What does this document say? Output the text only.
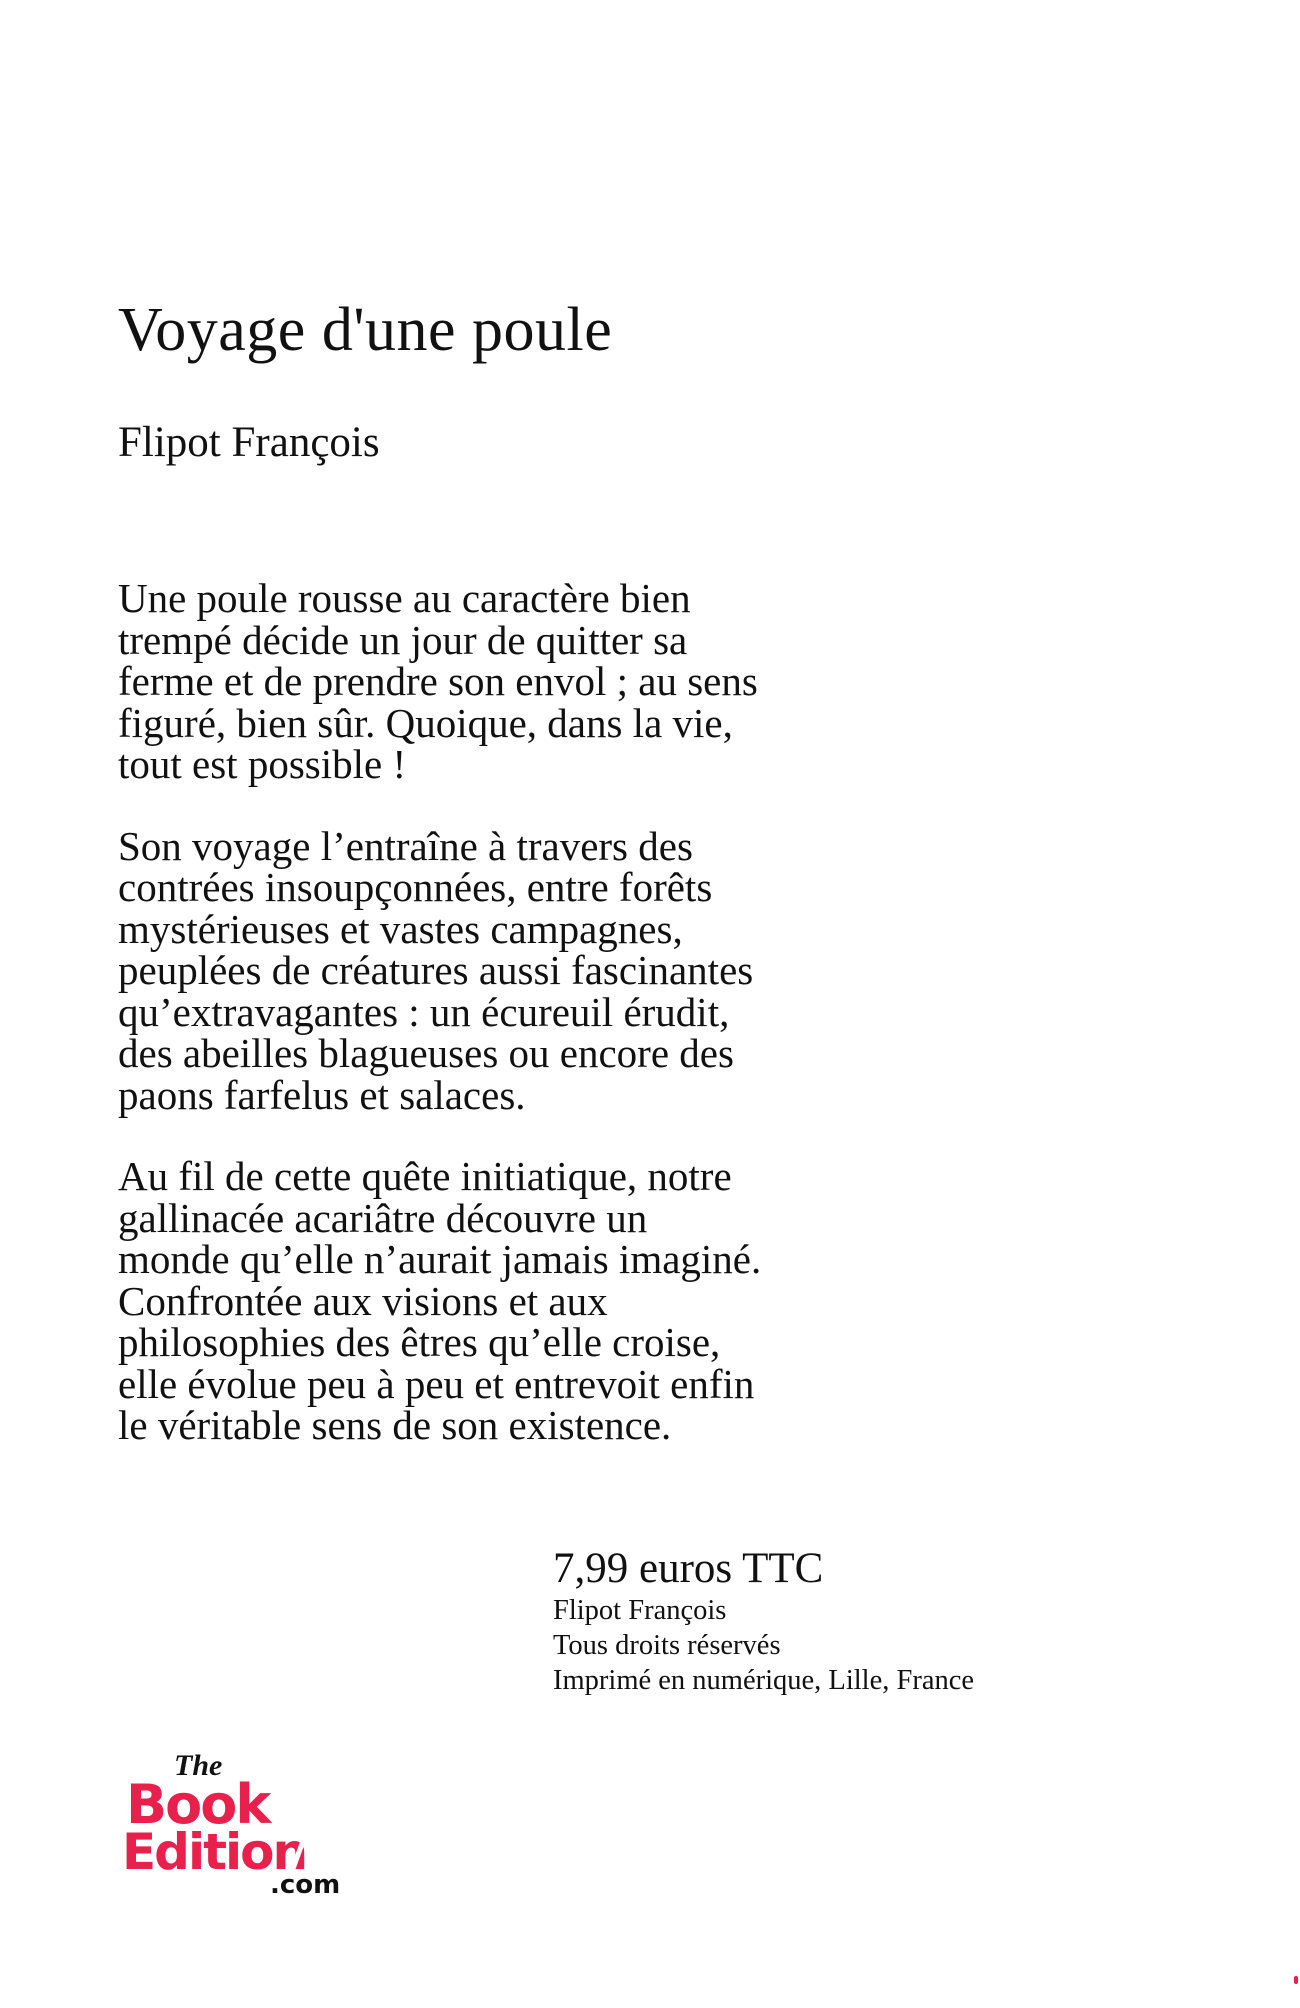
Voyage d'une poule
Flipot François

Une poule rousse au caractère bien
trempé décide un jour de quitter sa
ferme et de prendre son envol ; au sens
figuré, bien sûr. Quoique, dans la vie,
tout est possible !

Son voyage l’entraîne à travers des
contrées insoupçonnées, entre forêts
mystérieuses et vastes campagnes,
peuplées de créatures aussi fascinantes
qu’extravagantes : un écureuil érudit,
des abeilles blagueuses ou encore des
paons farfelus et salaces.

Au fil de cette quête initiatique, notre
gallinacée acariâtre découvre un
monde qu’elle n’aurait jamais imaginé.
Confrontée aux visions et aux
philosophies des êtres qu’elle croise,
elle évolue peu à peu et entrevoit enfin
le véritable sens de son existence.

7,99 euros TTC
Flipot François
Tous droits réservés
Imprimé en numérique, Lille, France
The
Book
Edition
.com
